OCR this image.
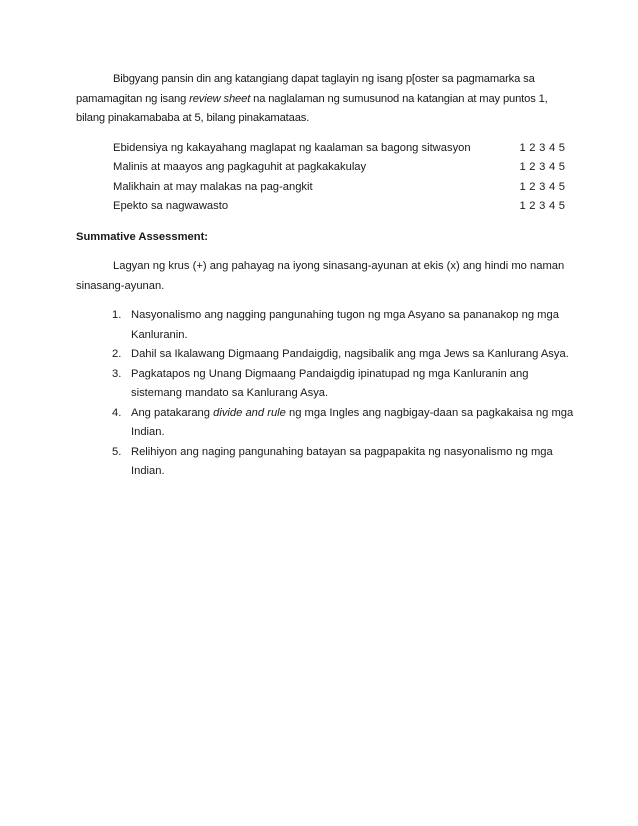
Bibgyang pansin din ang katangiang dapat taglayin ng isang p[oster sa pagmamarka sa pamamagitan ng isang review sheet na naglalaman ng sumusunod na katangian at may puntos 1, bilang pinakamababa at 5, bilang pinakamataas.

Ebidensiya ng kakayahang maglapat ng kaalaman sa bagong sitwasyon	1 2 3 4 5
Malinis at maayos ang pagkaguhit at pagkakakulay	1 2 3 4 5
Malikhain at may malakas na pag-angkit	1 2 3 4 5
Epekto sa nagwawasto	1 2 3 4 5

Summative Assessment:

Lagyan ng krus (+) ang pahayag na iyong sinasang-ayunan at ekis (x) ang hindi mo naman sinasang-ayunan.

1. Nasyonalismo ang nagging pangunahing tugon ng mga Asyano sa pananakop ng mga Kanluranin.
2. Dahil sa Ikalawang Digmaang Pandaigdig, nagsibalik ang mga Jews sa Kanlurang Asya.
3. Pagkatapos ng Unang Digmaang Pandaigdig ipinatupad ng mga Kanluranin ang sistemang mandato sa Kanlurang Asya.
4. Ang patakarang divide and rule ng mga Ingles ang nagbigay-daan sa pagkakaisa ng mga Indian.
5. Relihiyon ang naging pangunahing batayan sa pagpapakita ng nasyonalismo ng mga Indian.
